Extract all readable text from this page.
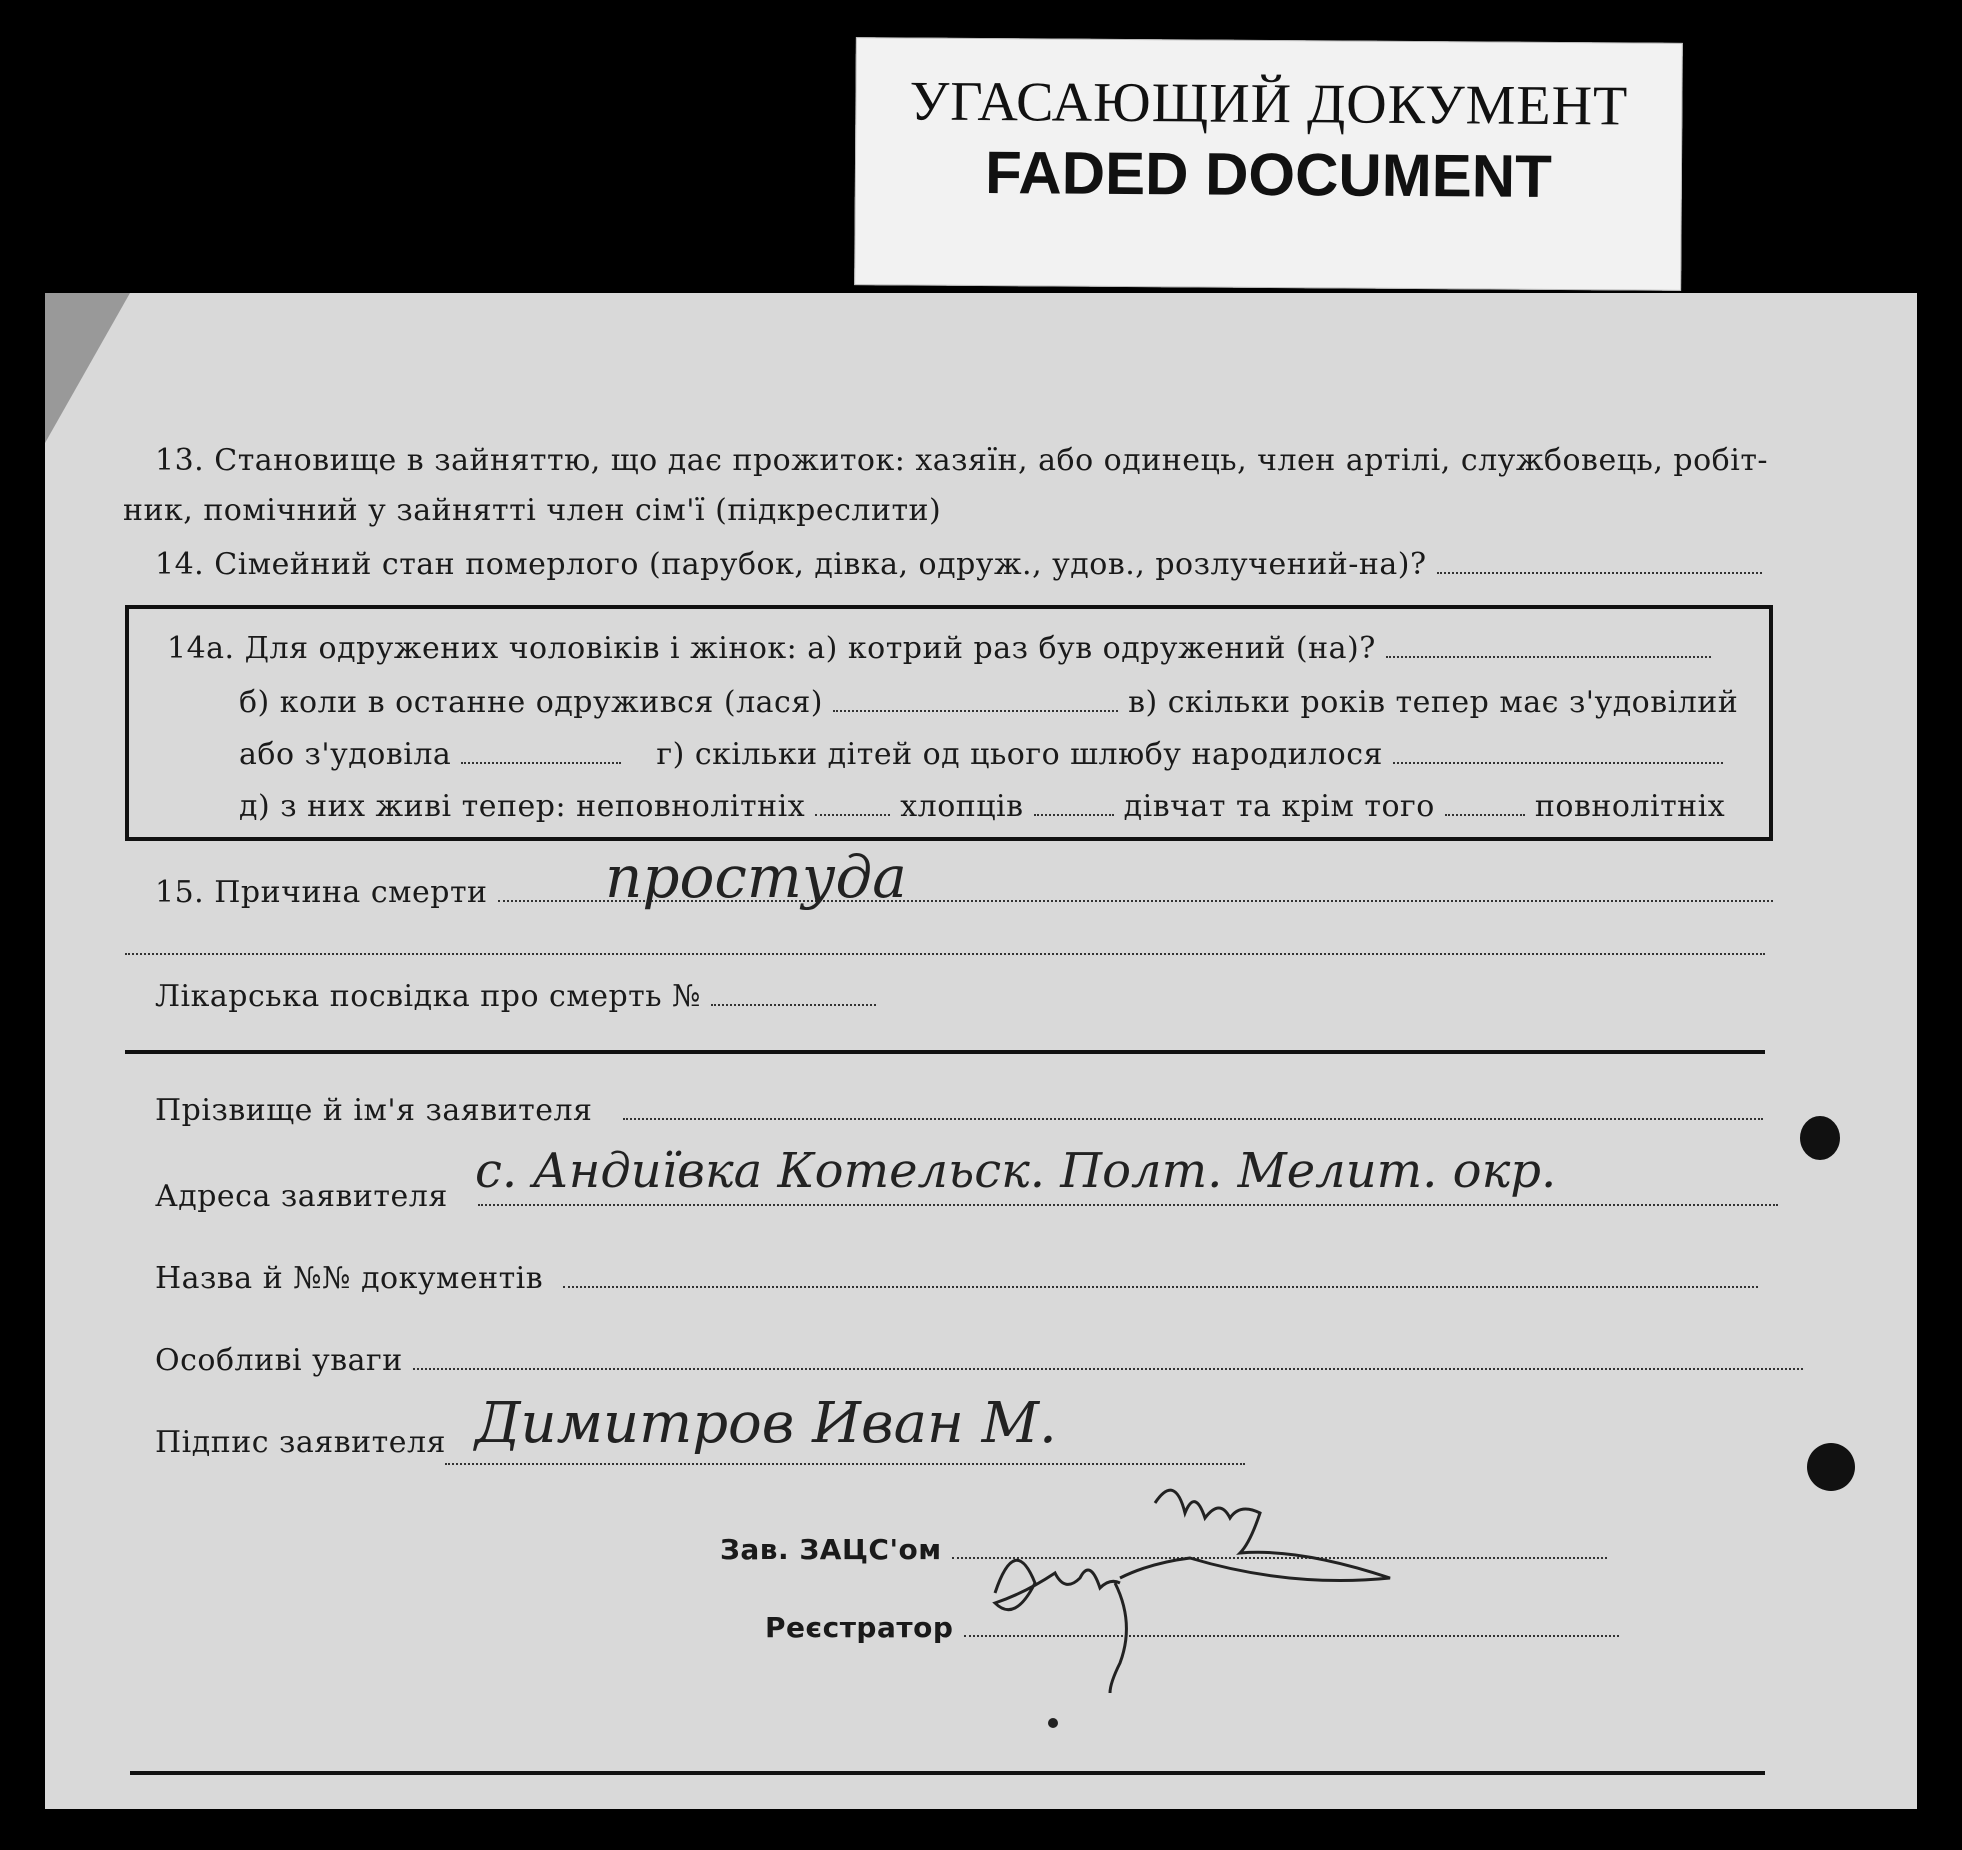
УГАСАЮЩИЙ ДОКУМЕНТ
FADED DOCUMENT
13. Становище в зайняттю, що дає прожиток: хазяїн, або одинець, член артілі, службовець, робіт-
ник, помічний у зайнятті член сім'ї (підкреслити)
14. Сімейний стан померлого (парубок, дівка, одруж., удов., розлучений-на)?
14а. Для одружених чоловіків і жінок: а) котрий раз був одружений (на)?
б) коли в останне одружився (лася)	в) скільки років тепер має з'удовілий
або з'удовіла	г) скільки дітей од цього шлюбу народилося
д) з них живі тепер: неповнолітніх	хлопців	дівчат та крім того	повнолітніх
15. Причина смерти	простуда
Лікарська посвідка про смерть №
Прізвище й ім'я заявителя
Адреса заявителя с. Андиївка Котельск. Полт. Мелит. окр.
Назва й №№ документів
Особливі уваги
Підпис заявителя Димитров Иван М.
Зав. ЗАЦС'ом
Реєстратор
